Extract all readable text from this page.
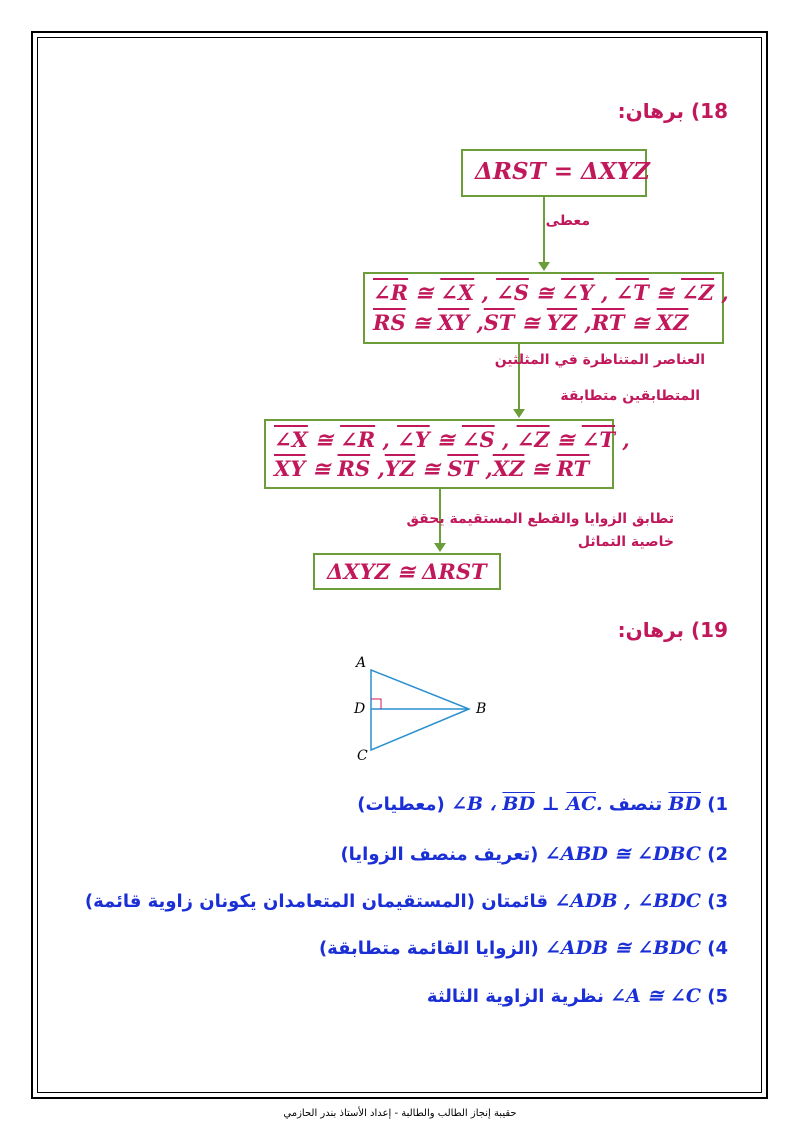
18) برهان:
ΔRST = ΔXYZ
معطى
∠R ≅ ∠X , ∠S ≅ ∠Y , ∠T ≅ ∠Z ,
$\overline{RS}$ ≅ $\overline{XY}$ $,\overline{ST}$ ≅ $\overline{YZ}$ $,\overline{RT}$ ≅ $\overline{XZ}$
العناصر المتناظرة في المثلثين
المتطابقين متطابقة
∠X ≅ ∠R , ∠Y ≅ ∠S , ∠Z ≅ ∠T ,
$\overline{XY}$ ≅ $\overline{RS}$ $,\overline{YZ}$ ≅ $\overline{ST}$ $,\overline{XZ}$ ≅ $\overline{RT}$
تطابق الزوايا والقطع المستقيمة يحقق
خاصية التماثل
ΔXYZ ≅ ΔRST
19) برهان:
A
D	B
C
1) $\overline{BD}$ تنصف ∠B ، $\overline{BD}$ ⊥ $\overline{AC}$. (معطيات)
2) ∠ABD ≅ ∠DBC (تعريف منصف الزوايا)
3) ∠ADB , ∠BDC قائمتان (المستقيمان المتعامدان يكونان زاوية قائمة)
4) ∠ADB ≅ ∠BDC (الزوايا القائمة متطابقة)
5) ∠A ≅ ∠C نظرية الزاوية الثالثة
حقيبة إنجاز الطالب والطالبة - إعداد الأستاذ بندر الحازمي
